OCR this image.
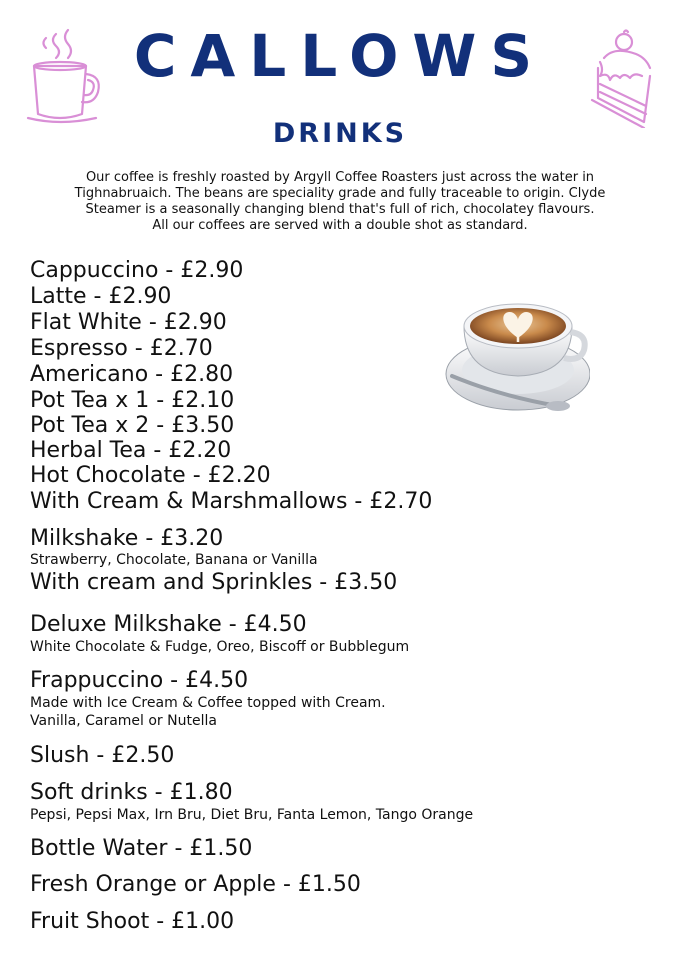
CALLOWS
DRINKS
Our coffee is freshly roasted by Argyll Coffee Roasters just across the water in
Tighnabruaich. The beans are speciality grade and fully traceable to origin. Clyde
Steamer is a seasonally changing blend that's full of rich, chocolatey flavours.
All our coffees are served with a double shot as standard.
Cappuccino - £2.90
Latte - £2.90
Flat White - £2.90
Espresso - £2.70
Americano - £2.80
Pot Tea x 1 - £2.10
Pot Tea x 2 - £3.50
Herbal Tea - £2.20
Hot Chocolate - £2.20
With Cream & Marshmallows - £2.70
Milkshake - £3.20
Strawberry, Chocolate, Banana or Vanilla
With cream and Sprinkles - £3.50
Deluxe Milkshake - £4.50
White Chocolate & Fudge, Oreo, Biscoff or Bubblegum
Frappuccino - £4.50
Made with Ice Cream & Coffee topped with Cream.
Vanilla, Caramel or Nutella
Slush - £2.50
Soft drinks - £1.80
Pepsi, Pepsi Max, Irn Bru, Diet Bru, Fanta Lemon, Tango Orange
Bottle Water - £1.50
Fresh Orange or Apple - £1.50
Fruit Shoot - £1.00
